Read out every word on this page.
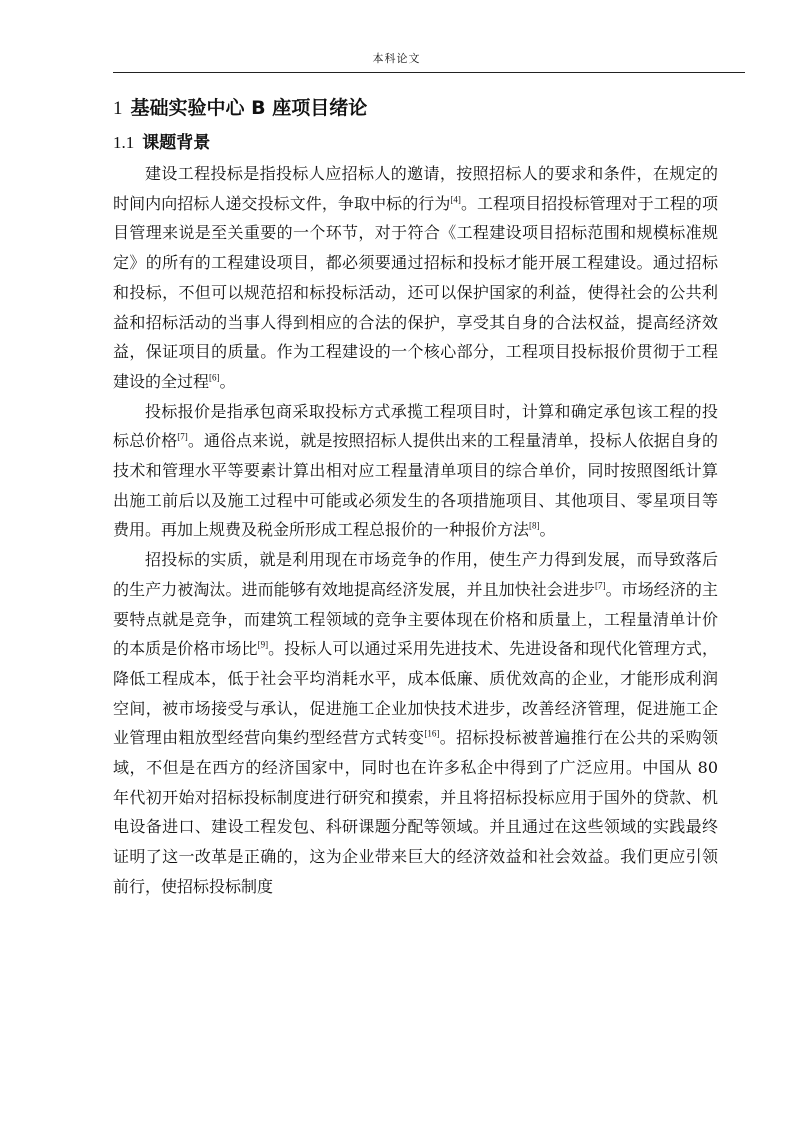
本科论文
1 基础实验中心 B 座项目绪论
1.1 课题背景

建设工程投标是指投标人应招标人的邀请，按照招标人的要求和条件，在规定的时间内向招标人递交投标文件，争取中标的行为[4]。工程项目招投标管理对于工程的项目管理来说是至关重要的一个环节，对于符合《工程建设项目招标范围和规模标准规定》的所有的工程建设项目，都必须要通过招标和投标才能开展工程建设。通过招标和投标，不但可以规范招和标投标活动，还可以保护国家的利益，使得社会的公共利益和招标活动的当事人得到相应的合法的保护，享受其自身的合法权益，提高经济效益，保证项目的质量。作为工程建设的一个核心部分，工程项目投标报价贯彻于工程建设的全过程[6]。

投标报价是指承包商采取投标方式承揽工程项目时，计算和确定承包该工程的投标总价格[7]。通俗点来说，就是按照招标人提供出来的工程量清单，投标人依据自身的技术和管理水平等要素计算出相对应工程量清单项目的综合单价，同时按照图纸计算出施工前后以及施工过程中可能或必须发生的各项措施项目、其他项目、零星项目等费用。再加上规费及税金所形成工程总报价的一种报价方法[8]。

招投标的实质，就是利用现在市场竞争的作用，使生产力得到发展，而导致落后的生产力被淘汰。进而能够有效地提高经济发展，并且加快社会进步[7]。市场经济的主要特点就是竞争，而建筑工程领域的竞争主要体现在价格和质量上，工程量清单计价的本质是价格市场比[9]。投标人可以通过采用先进技术、先进设备和现代化管理方式，降低工程成本，低于社会平均消耗水平，成本低廉、质优效高的企业，才能形成利润空间，被市场接受与承认，促进施工企业加快技术进步，改善经济管理，促进施工企业管理由粗放型经营向集约型经营方式转变[16]。招标投标被普遍推行在公共的采购领域，不但是在西方的经济国家中，同时也在许多私企中得到了广泛应用。中国从 80 年代初开始对招标投标制度进行研究和摸索，并且将招标投标应用于国外的贷款、机电设备进口、建设工程发包、科研课题分配等领域。并且通过在这些领域的实践最终证明了这一改革是正确的，这为企业带来巨大的经济效益和社会效益。我们更应引领前行，使招标投标制度
